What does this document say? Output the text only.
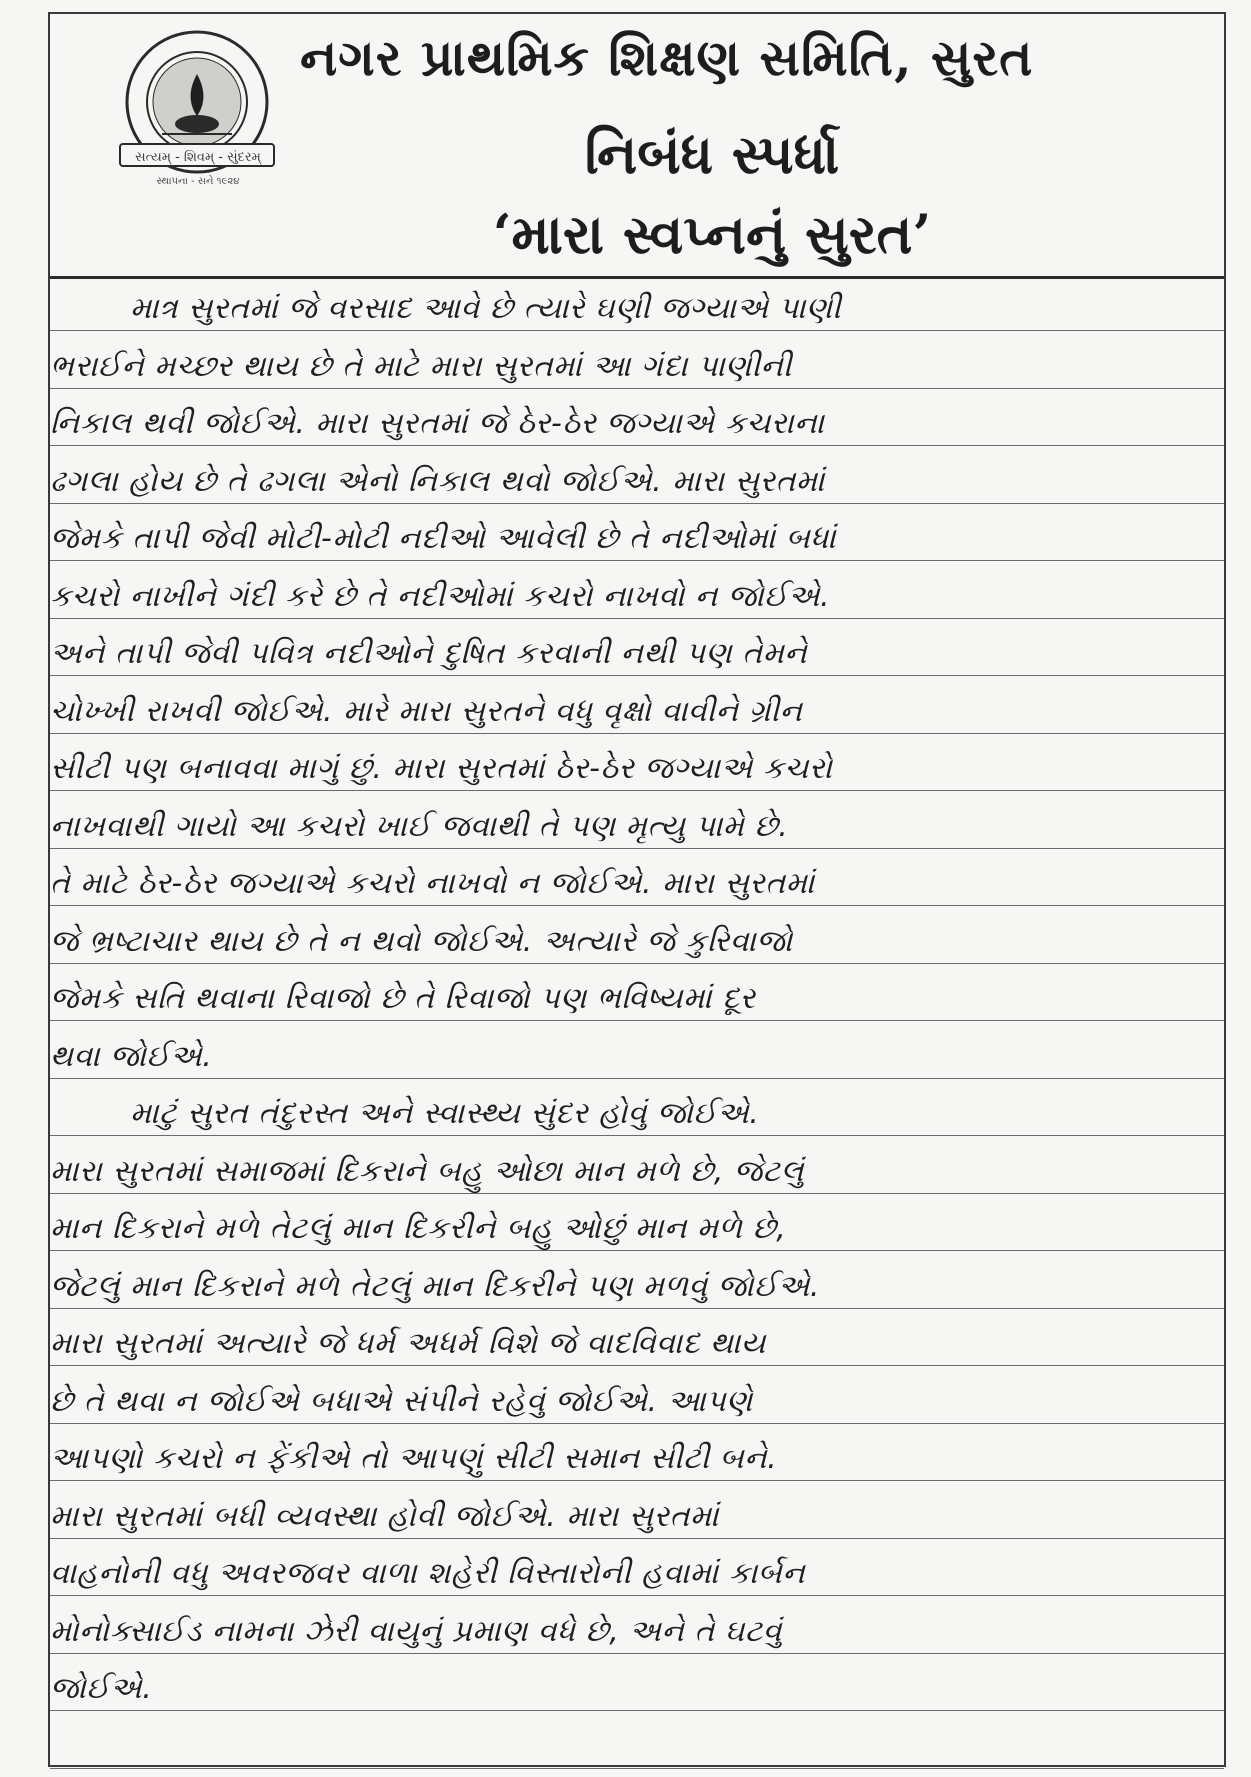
સત્યમ્ - શિવમ્ - સુંદરમ્
સ્થાપના - સને ૧૯૨૪
નગર પ્રાથમિક શિક્ષણ સમિતિ, સુરત
નિબંધ સ્પર્ધા
‘મારા સ્વપ્નનું સુરત’
માત્ર સુરતમાં જે વરસાદ આવે છે ત્યારે ઘણી જગ્યાએ પાણી
ભરાઈને મચ્છર થાય છે તે માટે મારા સુરતમાં આ ગંદા પાણીની
નિકાલ થવી જોઈએ. મારા સુરતમાં જે ઠેર-ઠેર જગ્યાએ કચરાના
ઢગલા હોય છે તે ઢગલા એનો નિકાલ થવો જોઈએ. મારા સુરતમાં
જેમકે તાપી જેવી મોટી-મોટી નદીઓ આવેલી છે તે નદીઓમાં બધાં
કચરો નાખીને ગંદી કરે છે તે નદીઓમાં કચરો નાખવો ન જોઈએ.
અને તાપી જેવી પવિત્ર નદીઓને દુષિત કરવાની નથી પણ તેમને
ચોખ્ખી રાખવી જોઈએ. મારે મારા સુરતને વધુ વૃક્ષો વાવીને ગ્રીન
સીટી પણ બનાવવા માગું છું. મારા સુરતમાં ઠેર-ઠેર જગ્યાએ કચરો
નાખવાથી ગાયો આ કચરો ખાઈ જવાથી તે પણ મૃત્યુ પામે છે.
તે માટે ઠેર-ઠેર જગ્યાએ કચરો નાખવો ન જોઈએ. મારા સુરતમાં
જે ભ્રષ્ટાચાર થાય છે તે ન થવો જોઈએ. અત્યારે જે કુરિવાજો
જેમકે સતિ થવાના રિવાજો છે તે રિવાજો પણ ભવિષ્યમાં દૂર
થવા જોઈએ.
માટું સુરત તંદુરસ્ત અને સ્વાસ્થ્ય સુંદર હોવું જોઈએ.
મારા સુરતમાં સમાજમાં દિકરાને બહુ ઓછા માન મળે છે, જેટલું
માન દિકરાને મળે તેટલું માન દિકરીને બહુ ઓછું માન મળે છે,
જેટલું માન દિકરાને મળે તેટલું માન દિકરીને પણ મળવું જોઈએ.
મારા સુરતમાં અત્યારે જે ધર્મ અધર્મ વિશે જે વાદવિવાદ થાય
છે તે થવા ન જોઈએ બધાએ સંપીને રહેવું જોઈએ. આપણે
આપણો કચરો ન ફેંકીએ તો આપણું સીટી સમાન સીટી બને.
મારા સુરતમાં બધી વ્યવસ્થા હોવી જોઈએ. મારા સુરતમાં
વાહનોની વધુ અવરજવર વાળા શહેરી વિસ્તારોની હવામાં કાર્બન
મોનોક્સાઈડ નામના ઝેરી વાયુનું પ્રમાણ વધે છે, અને તે ઘટવું
જોઈએ.
